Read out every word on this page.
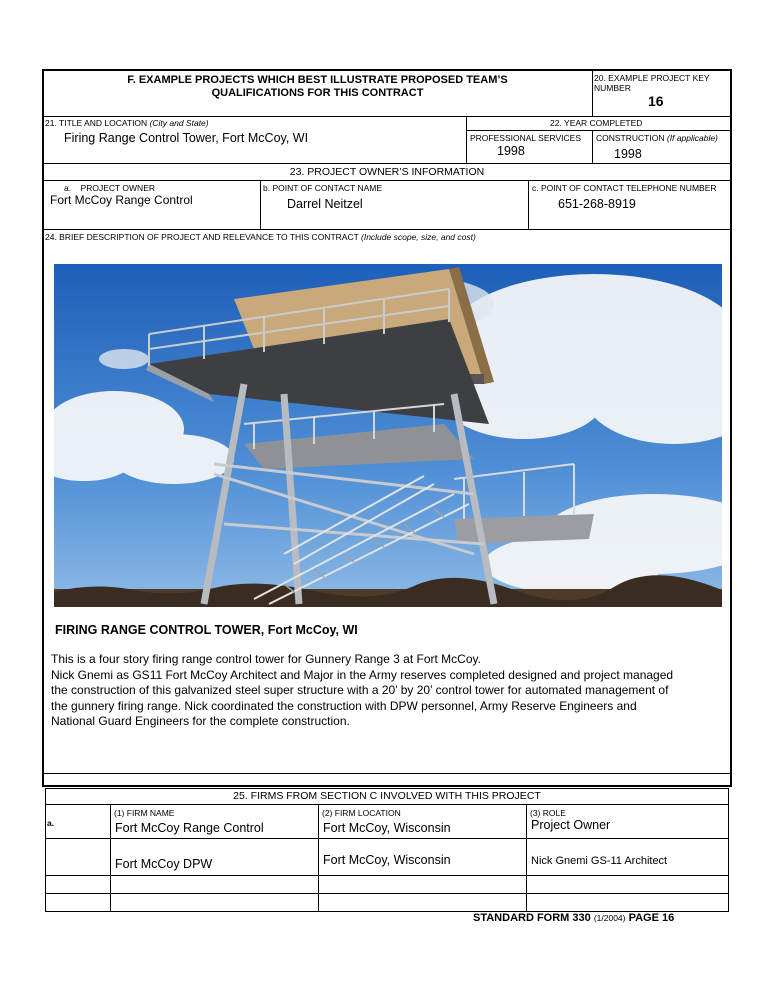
F. EXAMPLE PROJECTS WHICH BEST ILLUSTRATE PROPOSED TEAM’S
QUALIFICATIONS FOR THIS CONTRACT
20. EXAMPLE PROJECT KEY
NUMBER
16
21. TITLE AND LOCATION (City and State)
Firing Range Control Tower, Fort McCoy, WI
22. YEAR COMPLETED
PROFESSIONAL SERVICES
1998
CONSTRUCTION (If applicable)
1998
23. PROJECT OWNER’S INFORMATION
a. PROJECT OWNER
Fort McCoy Range Control
b. POINT OF CONTACT NAME
Darrel Neitzel
c. POINT OF CONTACT TELEPHONE NUMBER
651-268-8919
24. BRIEF DESCRIPTION OF PROJECT AND RELEVANCE TO THIS CONTRACT (Include scope, size, and cost)
FIRING RANGE CONTROL TOWER, Fort McCoy, WI

This is a four story firing range control tower for Gunnery Range 3 at Fort McCoy.

Nick Gnemi as GS11 Fort McCoy Architect and Major in the Army reserves completed designed and project managed

the construction of this galvanized steel super structure with a 20’ by 20’ control tower for automated management of

the gunnery firing range. Nick coordinated the construction with DPW personnel, Army Reserve Engineers and

National Guard Engineers for the complete construction.

25. FIRMS FROM SECTION C INVOLVED WITH THIS PROJECT
a.
(1) FIRM NAME	(2) FIRM LOCATION	(3) ROLE
Fort McCoy Range Control	Fort McCoy, Wisconsin	Project Owner
Fort McCoy DPW	Fort McCoy, Wisconsin	Nick Gnemi GS-11 Architect
STANDARD FORM 330 (1/2004) PAGE 16
